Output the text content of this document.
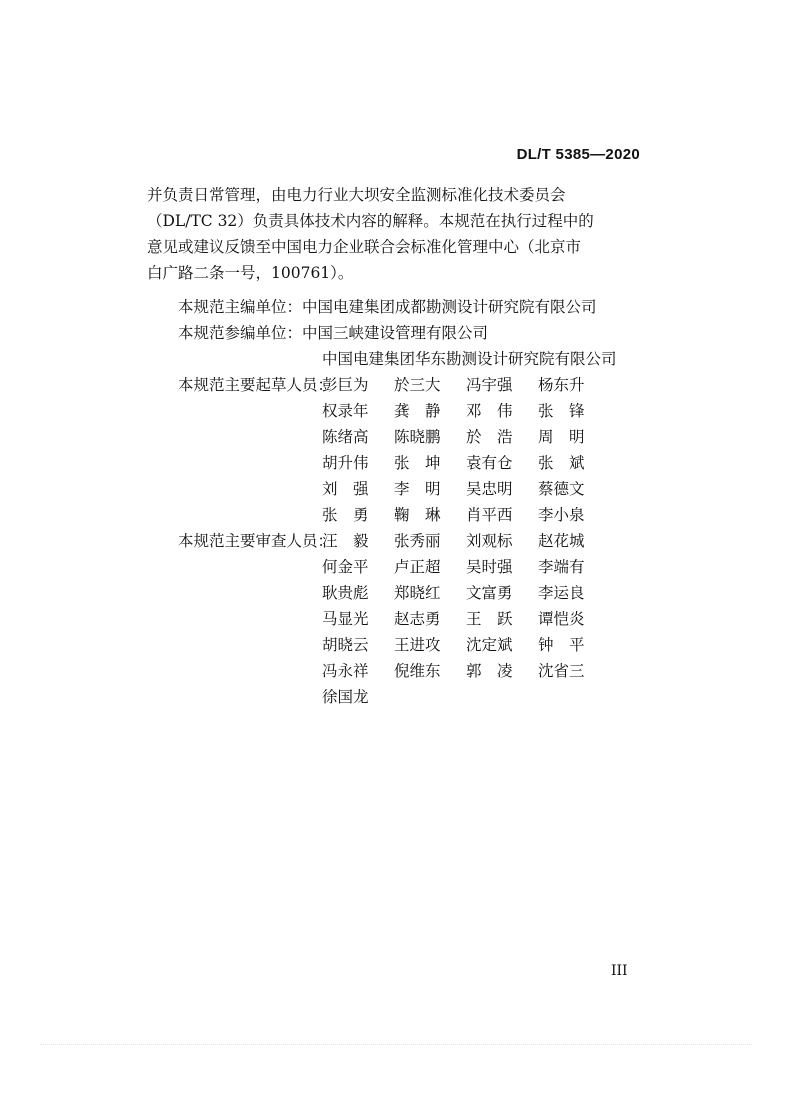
DL/T 5385—2020
并负责日常管理，由电力行业大坝安全监测标准化技术委员会
（DL/TC 32）负责具体技术内容的解释。本规范在执行过程中的
意见或建议反馈至中国电力企业联合会标准化管理中心（北京市
白广路二条一号，100761）。
本规范主编单位： 中国电建集团成都勘测设计研究院有限公司
本规范参编单位： 中国三峡建设管理有限公司
中国电建集团华东勘测设计研究院有限公司
本规范主要起草人员：
彭巨为	於三大	冯宇强	杨东升
权录年	龚　静	邓　伟	张　锋
陈绪高	陈晓鹏	於　浩	周　明
胡升伟	张　坤	袁有仓	张　斌
刘　强	李　明	吴忠明	蔡德文
张　勇	鞠　琳	肖平西	李小泉
本规范主要审查人员：
汪　毅	张秀丽	刘观标	赵花城
何金平	卢正超	吴时强	李端有
耿贵彪	郑晓红	文富勇	李运良
马显光	赵志勇	王　跃	谭恺炎
胡晓云	王进攻	沈定斌	钟　平
冯永祥	倪维东	郭　凌	沈省三
徐国龙
III
